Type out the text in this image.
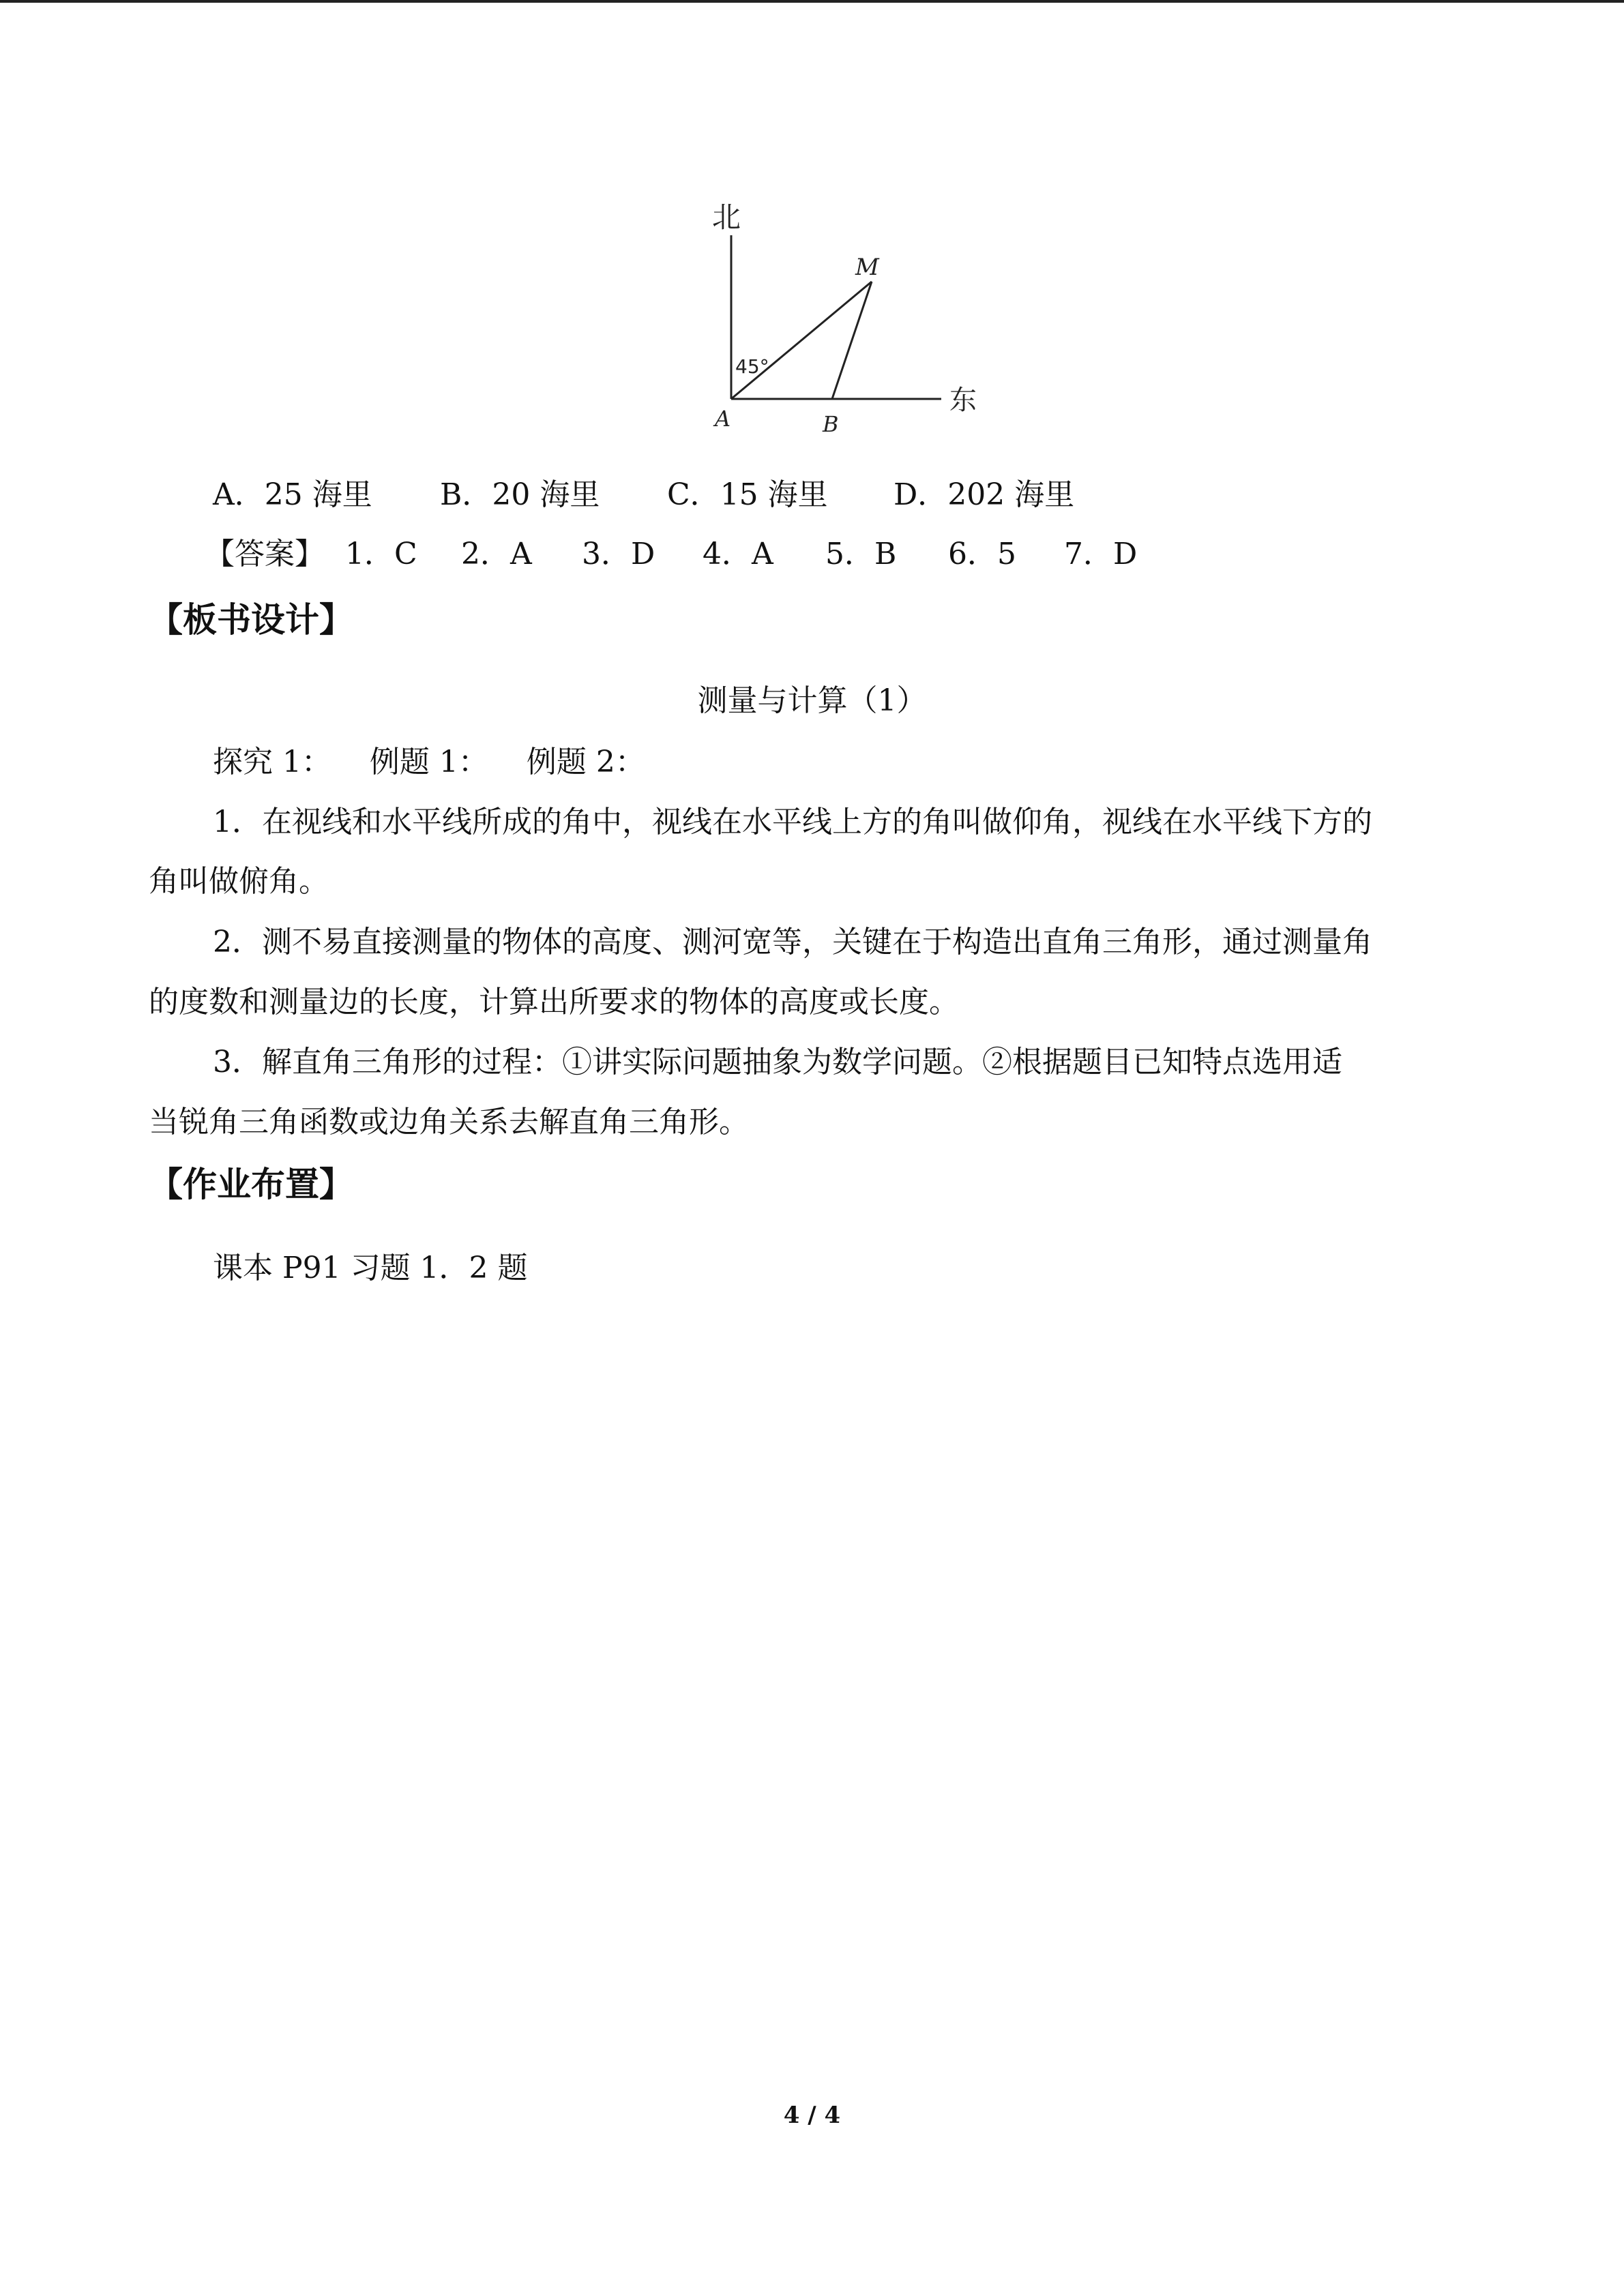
北
东
M
A	B
45°
A．25 海里 B．20 海里 C．15 海里 D．202 海里
【答案】 1．C 2．A 3．D 4．A 5．B 6．5 7．D
【板书设计】
测量与计算（1）
探究 1：    例题 1：    例题 2：
1．在视线和水平线所成的角中，视线在水平线上方的角叫做仰角，视线在水平线下方的
角叫做俯角。
2．测不易直接测量的物体的高度、测河宽等，关键在于构造出直角三角形，通过测量角
的度数和测量边的长度，计算出所要求的物体的高度或长度。
3．解直角三角形的过程：①讲实际问题抽象为数学问题。②根据题目已知特点选用适
当锐角三角函数或边角关系去解直角三角形。
【作业布置】
课本 P91 习题 1．2 题
4 / 4
